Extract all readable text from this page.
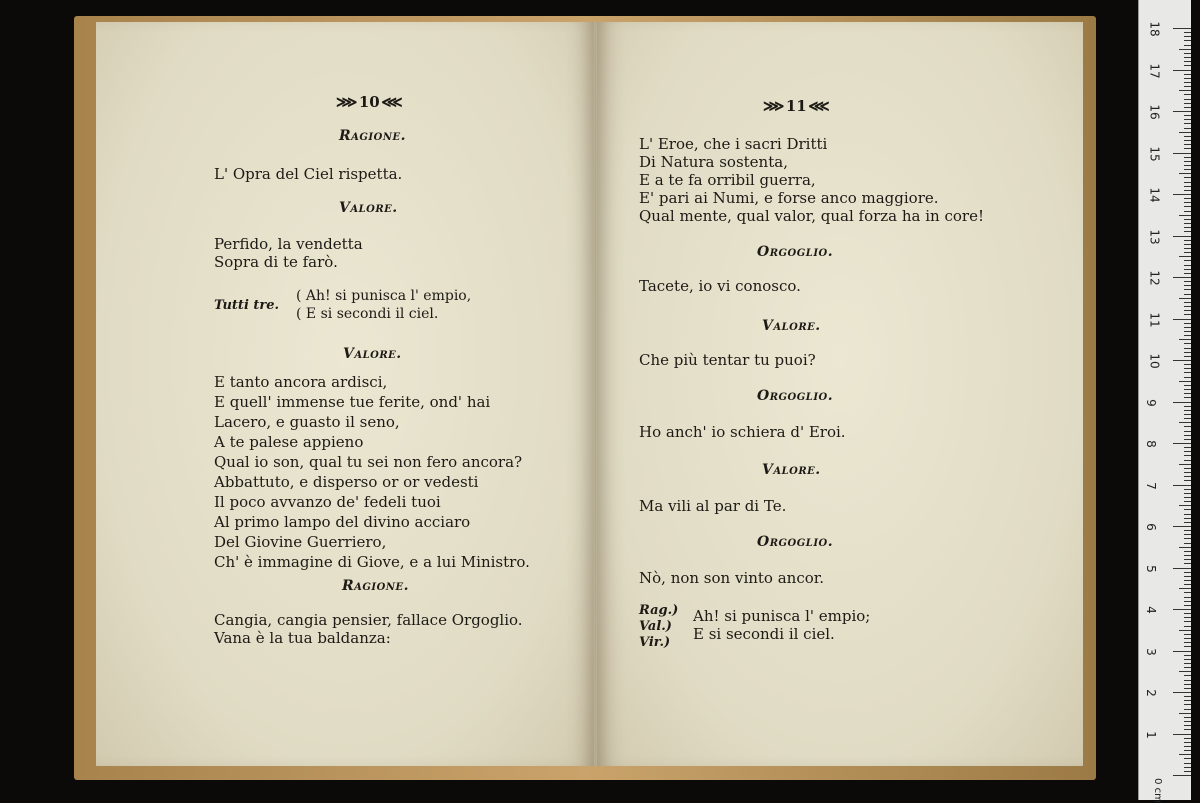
⋙ 10 ⋘
Ragione.
L' Opra del Ciel rispetta.
Valore.
Perfido, la vendetta
Sopra di te farò.
Tutti tre.
( Ah! si punisca l' empio,
( E si secondi il ciel.
Valore.
E tanto ancora ardisci,
E quell' immense tue ferite, ond' hai
Lacero, e guasto il seno,
A te palese appieno
Qual io son, qual tu sei non fero ancora?
Abbattuto, e disperso or or vedesti
Il poco avvanzo de' fedeli tuoi
Al primo lampo del divino acciaro
Del Giovine Guerriero,
Ch' è immagine di Giove, e a lui Ministro.
Ragione.
Cangia, cangia pensier, fallace Orgoglio.
Vana è la tua baldanza:
⋙ 11 ⋘
L' Eroe, che i sacri Dritti
Di Natura sostenta,
E a te fa orribil guerra,
E' pari ai Numi, e forse anco maggiore.
Qual mente, qual valor, qual forza ha in core!
Orgoglio.
Tacete, io vi conosco.
Valore.
Che più tentar tu puoi?
Orgoglio.
Ho anch' io schiera d' Eroi.
Valore.
Ma vili al par di Te.
Orgoglio.
Nò, non son vinto ancor.
Rag.)
Val.)
Vir.)
Ah! si punisca l' empio;
E si secondi il ciel.
18
17
16
15
14
13
12
11
10
9
8
7
6
5
4
3
2
1
0 cm
